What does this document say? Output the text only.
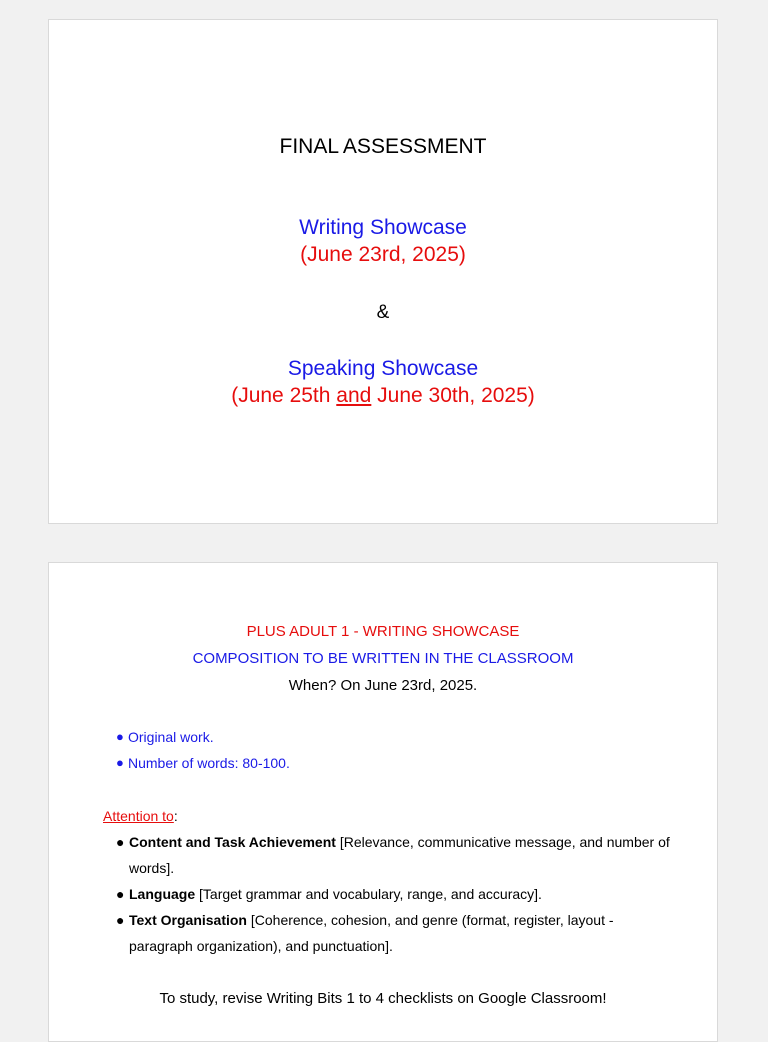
FINAL ASSESSMENT
Writing Showcase
(June 23rd, 2025)
&
Speaking Showcase
(June 25th and June 30th, 2025)
PLUS ADULT 1 - WRITING SHOWCASE
COMPOSITION TO BE WRITTEN IN THE CLASSROOM
When? On June 23rd, 2025.
● Original work.
● Number of words: 80-100.
Attention to:
● Content and Task Achievement [Relevance, communicative message, and number of words].
● Language [Target grammar and vocabulary, range, and accuracy].
● Text Organisation [Coherence, cohesion, and genre (format, register, layout - paragraph organization), and punctuation].
To study, revise Writing Bits 1 to 4 checklists on Google Classroom!
